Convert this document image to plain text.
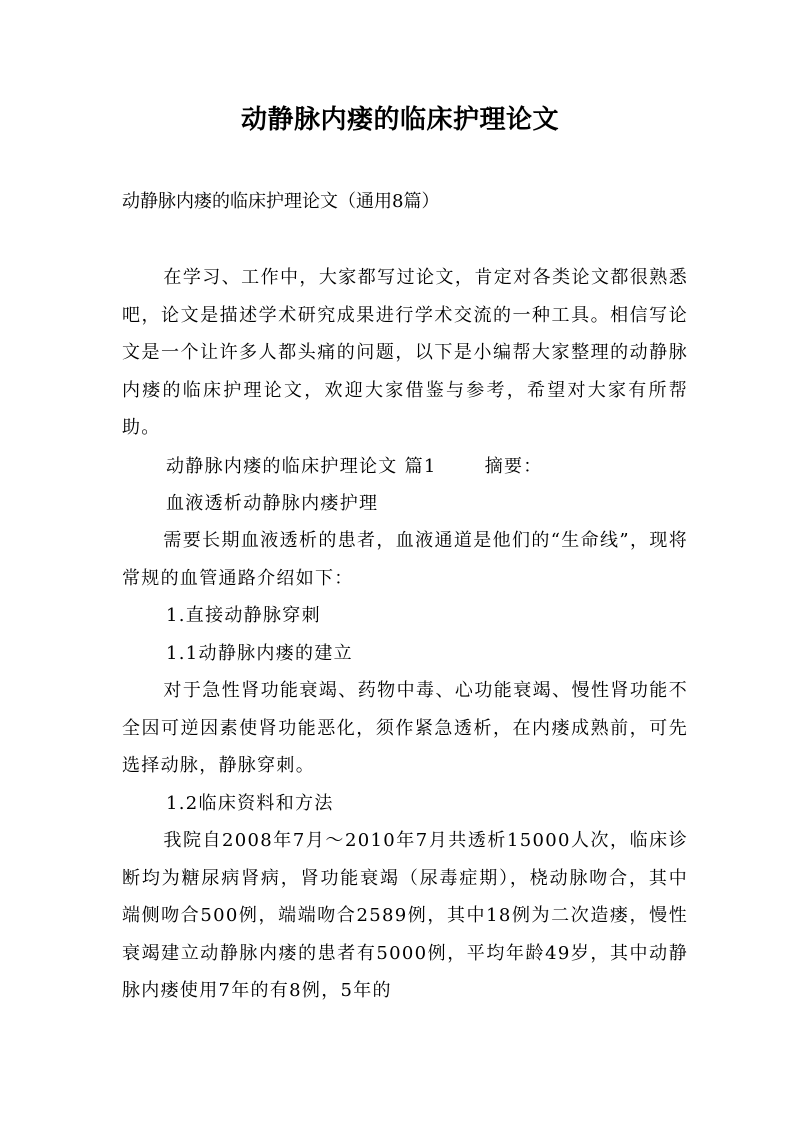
动静脉内瘘的临床护理论文
动静脉内瘘的临床护理论文（通用8篇）

在学习、工作中，大家都写过论文，肯定对各类论文都很熟悉吧，论文是描述学术研究成果进行学术交流的一种工具。相信写论文是一个让许多人都头痛的问题，以下是小编帮大家整理的动静脉内瘘的临床护理论文，欢迎大家借鉴与参考，希望对大家有所帮助。

动静脉内瘘的临床护理论文 篇1	摘要：
血液透析动静脉内瘘护理

需要长期血液透析的患者，血液通道是他们的“生命线”，现将常规的血管通路介绍如下：

1.直接动静脉穿刺
1.1动静脉内瘘的建立

对于急性肾功能衰竭、药物中毒、心功能衰竭、慢性肾功能不全因可逆因素使肾功能恶化，须作紧急透析，在内瘘成熟前，可先选择动脉，静脉穿刺。

1.2临床资料和方法

我院自2008年7月～2010年7月共透析15000人次，临床诊断均为糖尿病肾病，肾功能衰竭（尿毒症期），桡动脉吻合，其中端侧吻合500例，端端吻合2589例，其中18例为二次造瘘，慢性衰竭建立动静脉内瘘的患者有5000例，平均年龄49岁，其中动静脉内瘘使用7年的有8例，5年的
